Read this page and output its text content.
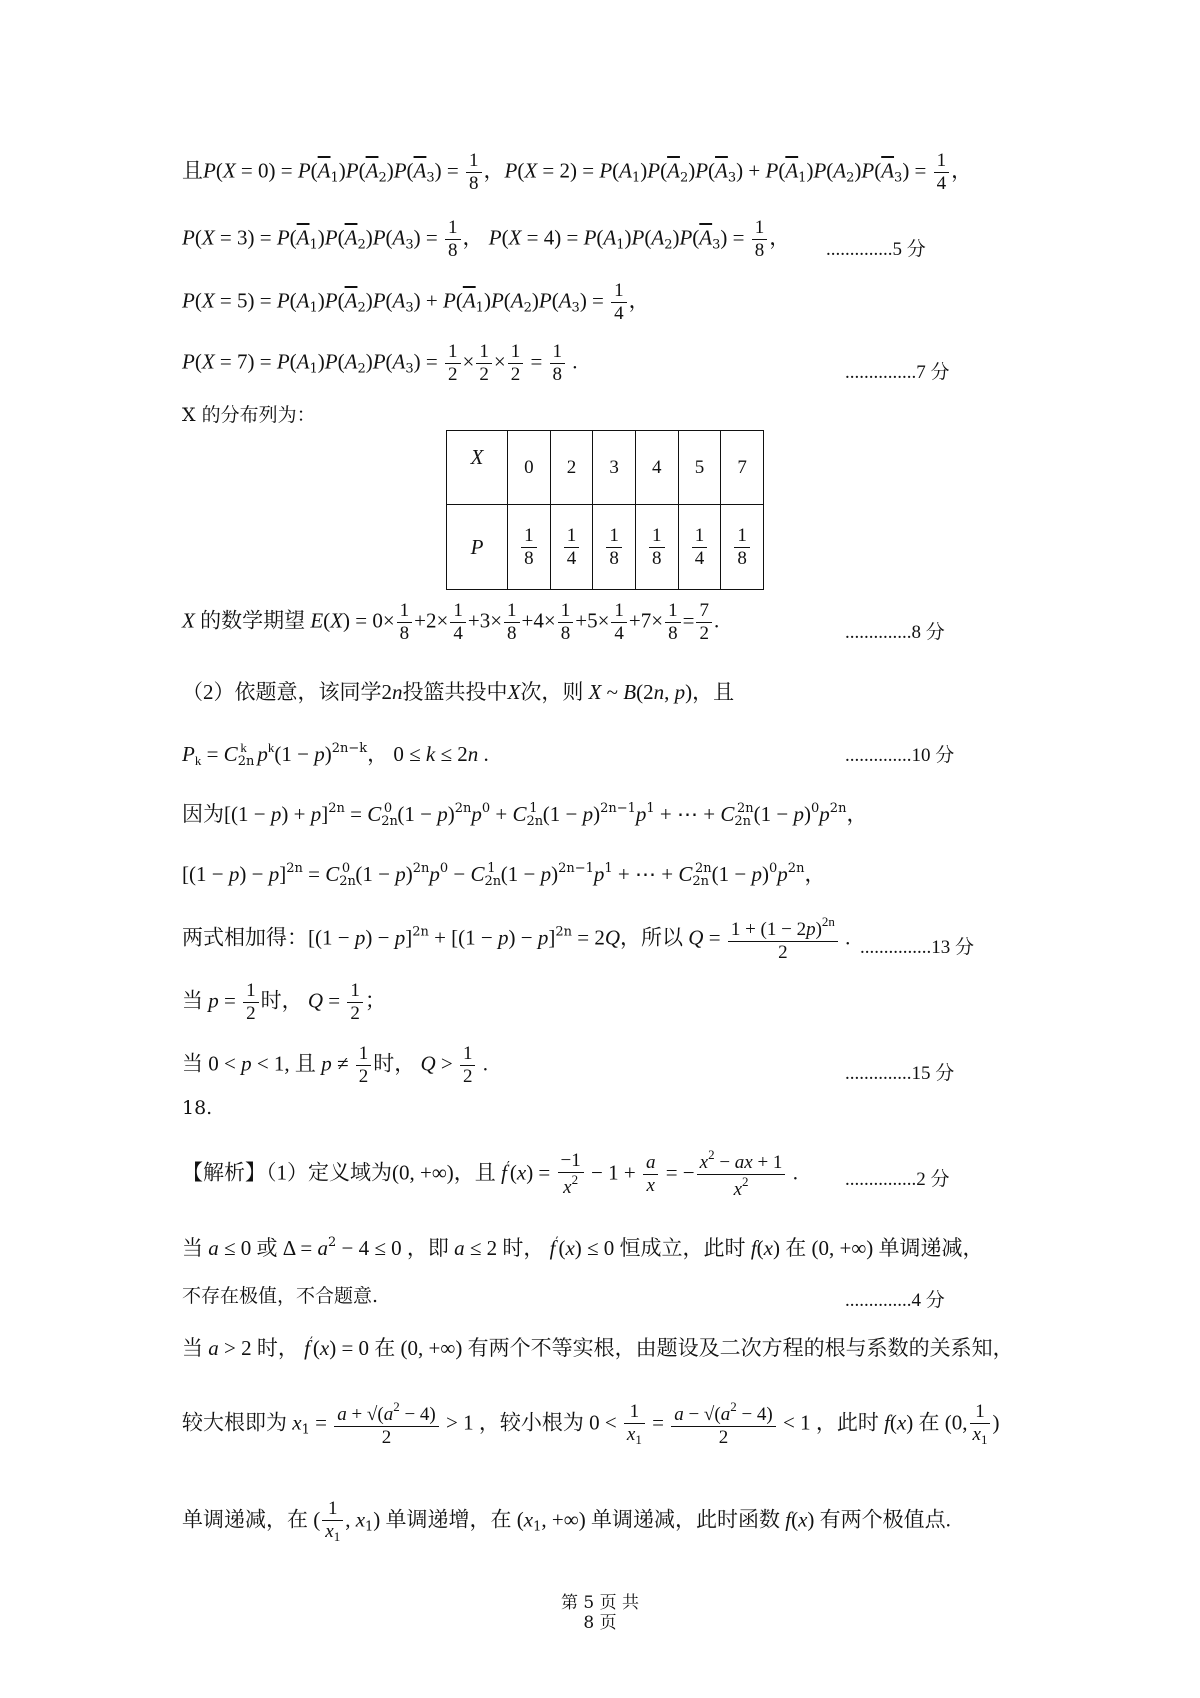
且$P(X = 0) = P(\overline{A}_1)P(\overline{A}_2)P(\overline{A}_3) = \frac{1}{8}$ ，$P(X = 2) = P(A_1)P(\overline{A}_2)P(\overline{A}_3) + P(\overline{A}_1)P(A_2)P(\overline{A}_3) = \frac{1}{4}$ ，
$P(X = 3) = P(\overline{A}_1)P(\overline{A}_2)P(A_3) = \frac{1}{8}$ ， $P(X = 4) = P(A_1)P(A_2)P(\overline{A}_3) = \frac{1}{8}$ ，
..............5 分
$P(X = 5) = P(A_1)P(\overline{A}_2)P(A_3) + P(\overline{A}_1)P(A_2)P(A_3) = \frac{1}{4}$ ，
$P(X = 7) = P(A_1)P(A_2)P(A_3) = \frac{1}{2} \times \frac{1}{2} \times \frac{1}{2} = \frac{1}{8}$ .	...............7 分
X 的分布列为：
X	0	2	3	4	5	7
P	$\frac{1}{8}$	$\frac{1}{4}$	$\frac{1}{8}$	$\frac{1}{8}$	$\frac{1}{4}$	$\frac{1}{8}$
X 的数学期望 $E(X) = 0\times \frac{1}{8} +2\times \frac{1}{4} +3\times \frac{1}{8} +4\times \frac{1}{8} +5\times \frac{1}{4} +7\times \frac{1}{8} = \frac{7}{2}$ .
..............8 分
（2）依题意，该同学2n投篮共投中X次，则 X ~ B(2n, p)，且
$P_k = C_{2n}^k$ $p^k(1 - p)^{2n-k}$， 0 ≤ k ≤ 2n .	..............10 分
因为$[(1 - p) + p]^{2n} = C_{2n}^0$ $(1 - p)^{2n}p^0 + C_{2n}^1$ $(1 - p)^{2n-1}p^1$ + ⋯ + $C_{2n}^{2n}(1 - p)^0p^{2n}$，
$[(1 - p) - p]^{2n} = C_{2n}^0$ $(1 - p)^{2n}p^0 - C_{2n}^1$ $(1 - p)^{2n-1}p^1$ + ⋯ + $C_{2n}^{2n}(1 - p)^0p^{2n}$，
两式相加得：$[(1 - p) - p]^{2n} + [(1 - p) - p]^{2n} = 2Q$，所以 $Q = \frac{1 + (1 - 2p)^{2n}}{2}$ . ...............13 分
当 $p = \frac{1}{2}$ 时， $Q = \frac{1}{2}$ ；
当 0 < p < 1, 且 $p \ne \frac{1}{2}$ 时， $Q > \frac{1}{2}$ .	..............15 分
18.
【解析】（1）定义域为(0, +∞)，且 $f'(x) = \frac{-1}{x^2} - 1 + \frac{a}{x}$ = − $\frac{x^2 - ax + 1}{x^2}$ . ...............2 分
当 a ≤ 0 或 $\Delta = a^2 - 4 \le 0$ ，即 a ≤ 2 时， f′(x) ≤ 0 恒成立，此时 f(x) 在 (0, +∞) 单调递减，
不存在极值，不合题意.	..............4 分
当 a > 2 时， f′(x) = 0 在 (0, +∞) 有两个不等实根，由题设及二次方程的根与系数的关系知，
较大根即为 $x_1 = \frac{a + √(a^2 - 4)}{2} > 1$ ，较小根为 $0 < \frac{1}{x_1} = \frac{a - √(a^2 - 4)}{2} < 1$ ，此时 f(x) 在 (0, $\frac{1}{x_1}$ )
单调递减，在 ( $\frac{1}{x_1}$ , $x_1$) 单调递增，在 ($x_1$, +∞) 单调递减，此时函数 f(x) 有两个极值点.
第 5 页 共
8 页
